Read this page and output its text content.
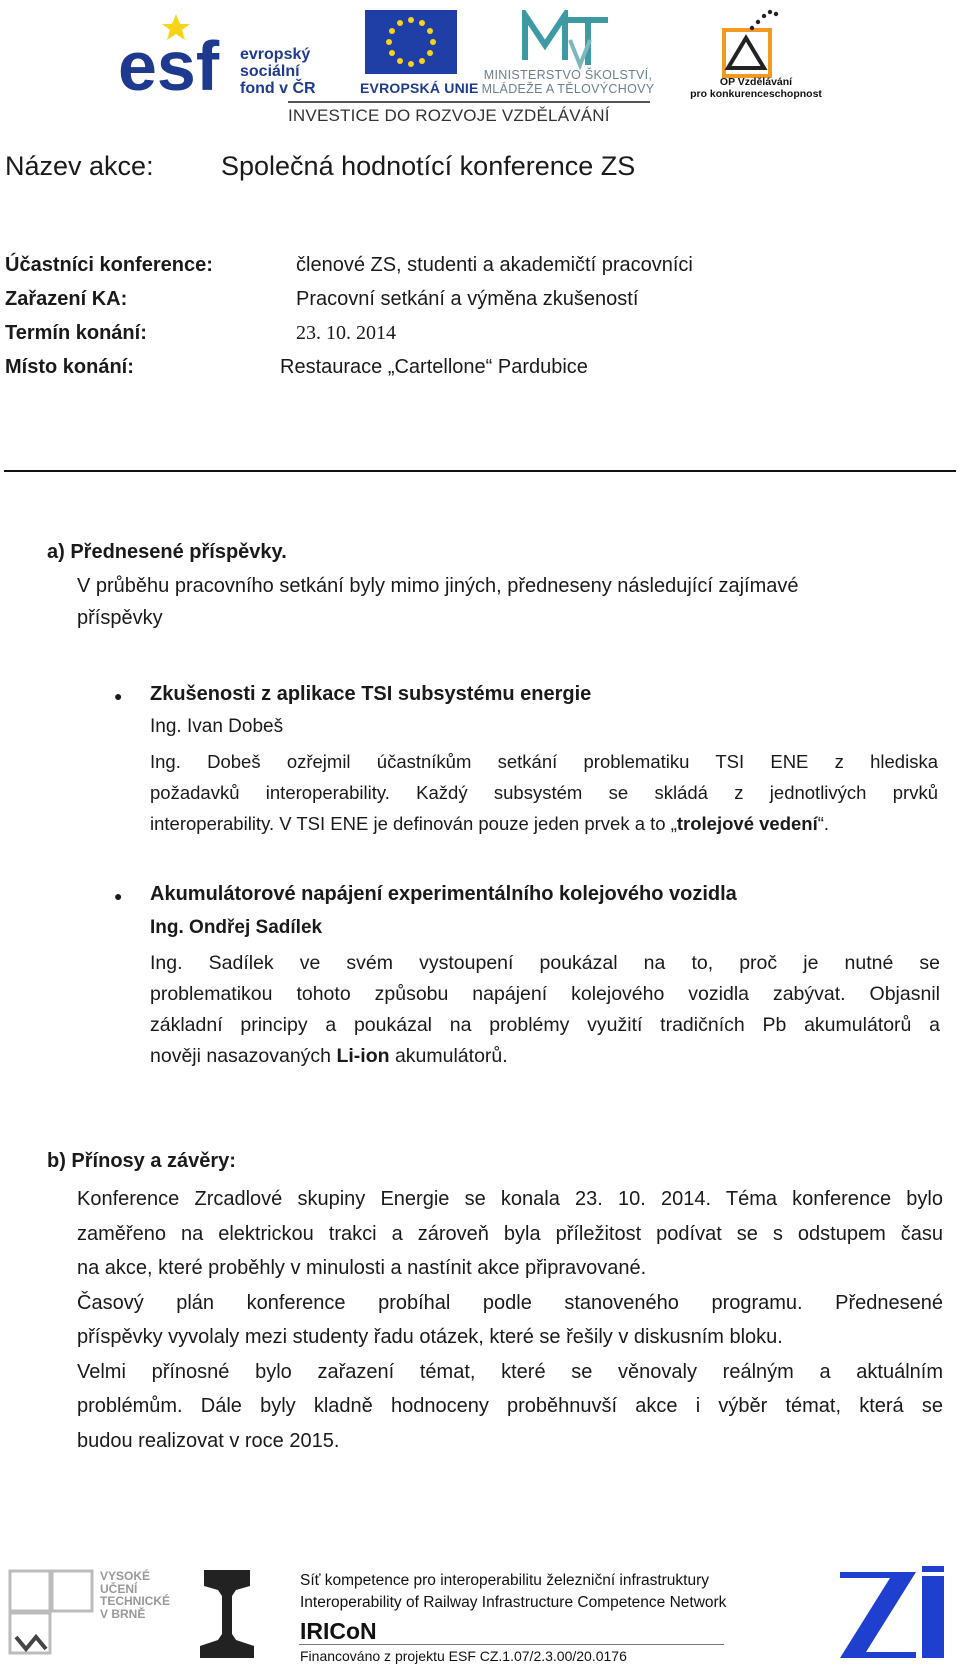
esf evropský
sociální
fond v ČR	EVROPSKÁ UNIE
MINISTERSTVO ŠKOLSTVÍ,
MLÁDEŽE A TĚLOVÝCHOVY	OP Vzdělávání
pro konkurenceschopnost
INVESTICE DO ROZVOJE VZDĚLÁVÁNÍ
Název akce: Společná hodnotící konference ZS
Účastníci konference:	členové ZS, studenti a akademičtí pracovníci
Zařazení KA:	Pracovní setkání a výměna zkušeností
Termín konání:	23. 10. 2014
Místo konání:	Restaurace „Cartellone“ Pardubice
a) Přednesené příspěvky.
V průběhu pracovního setkání byly mimo jiných, předneseny následující zajímavé
příspěvky
● Zkušenosti z aplikace TSI subsystému energie
Ing. Ivan Dobeš
Ing. Dobeš ozřejmil účastníkům setkání problematiku TSI ENE z hlediska
požadavků interoperability. Každý subsystém se skládá z jednotlivých prvků
interoperability. V TSI ENE je definován pouze jeden prvek a to „trolejové vedení“.
● Akumulátorové napájení experimentálního kolejového vozidla
Ing. Ondřej Sadílek
Ing. Sadílek ve svém vystoupení poukázal na to, proč je nutné se
problematikou tohoto způsobu napájení kolejového vozidla zabývat. Objasnil
základní principy a poukázal na problémy využití tradičních Pb akumulátorů a
nověji nasazovaných Li-ion akumulátorů.
b) Přínosy a závěry:
Konference Zrcadlové skupiny Energie se konala 23. 10. 2014. Téma konference bylo
zaměřeno na elektrickou trakci a zároveň byla příležitost podívat se s odstupem času
na akce, které proběhly v minulosti a nastínit akce připravované.
Časový plán konference probíhal podle stanoveného programu. Přednesené
příspěvky vyvolaly mezi studenty řadu otázek, které se řešily v diskusním bloku.
Velmi přínosné bylo zařazení témat, které se věnovaly reálným a aktuálním
problémům. Dále byly kladně hodnoceny proběhnuvší akce i výběr témat, která se
budou realizovat v roce 2015.
VYSOKÉ
UČENÍ
TECHNICKÉ
V BRNĚ
Síť kompetence pro interoperabilitu železniční infrastruktury
Interoperability of Railway Infrastructure Competence Network
IRICoN
Financováno z projektu ESF CZ.1.07/2.3.00/20.0176
